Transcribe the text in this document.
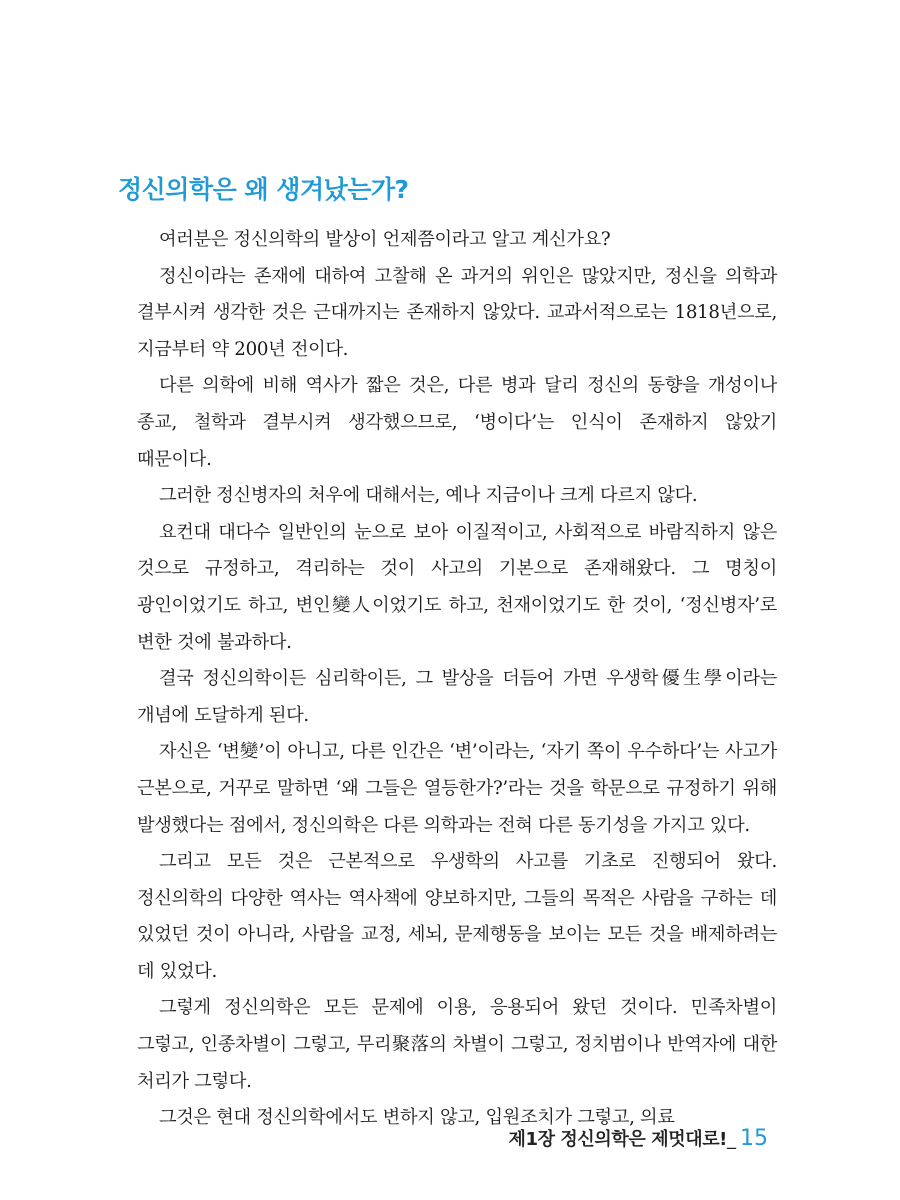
정신의학은 왜 생겨났는가?

여러분은 정신의학의 발상이 언제쯤이라고 알고 계신가요?

정신이라는 존재에 대하여 고찰해 온 과거의 위인은 많았지만, 정신을 의학과 결부시켜 생각한 것은 근대까지는 존재하지 않았다. 교과서적으로는 1818년으로, 지금부터 약 200년 전이다.

다른 의학에 비해 역사가 짧은 것은, 다른 병과 달리 정신의 동향을 개성이나 종교, 철학과 결부시켜 생각했으므로, ‘병이다’는 인식이 존재하지 않았기 때문이다.

그러한 정신병자의 처우에 대해서는, 예나 지금이나 크게 다르지 않다.

요컨대 대다수 일반인의 눈으로 보아 이질적이고, 사회적으로 바람직하지 않은 것으로 규정하고, 격리하는 것이 사고의 기본으로 존재해왔다. 그 명칭이 광인이었기도 하고, 변인變人이었기도 하고, 천재이었기도 한 것이, ‘정신병자’로 변한 것에 불과하다.

결국 정신의학이든 심리학이든, 그 발상을 더듬어 가면 우생학優生學이라는 개념에 도달하게 된다.

자신은 ‘변變’이 아니고, 다른 인간은 ‘변’이라는, ‘자기 쪽이 우수하다’는 사고가 근본으로, 거꾸로 말하면 ‘왜 그들은 열등한가?’라는 것을 학문으로 규정하기 위해 발생했다는 점에서, 정신의학은 다른 의학과는 전혀 다른 동기성을 가지고 있다.

그리고 모든 것은 근본적으로 우생학의 사고를 기초로 진행되어 왔다. 정신의학의 다양한 역사는 역사책에 양보하지만, 그들의 목적은 사람을 구하는 데 있었던 것이 아니라, 사람을 교정, 세뇌, 문제행동을 보이는 모든 것을 배제하려는 데 있었다.

그렇게 정신의학은 모든 문제에 이용, 응용되어 왔던 것이다. 민족차별이 그렇고, 인종차별이 그렇고, 무리聚落의 차별이 그렇고, 정치범이나 반역자에 대한 처리가 그렇다.

그것은 현대 정신의학에서도 변하지 않고, 입원조치가 그렇고, 의료

제1장 정신의학은 제멋대로! _ 15
